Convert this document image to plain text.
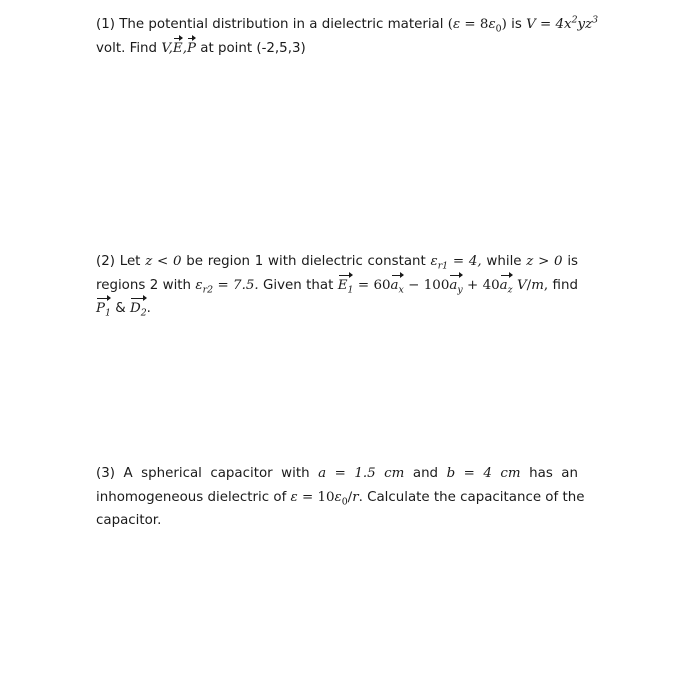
(1) The potential distribution in a dielectric material $(\varepsilon = 8\varepsilon_0)$ is $V = 4x^2yz^3$
volt. Find V,E,P at point (-2,5,3)
(2) Let z < 0 be region 1 with dielectric constant $\varepsilon_{r1} = 4$, while z > 0 is
regions 2 with $\varepsilon_{r2} = 7.5$. Given that $E_1 = 60a_x - 100a_y + 40a_z$ V/m, find
$P_1$ & $D_2$.
(3) A spherical capacitor with a = 1.5 cm and b = 4 cm has an
inhomogeneous dielectric of $\varepsilon = 10\varepsilon_0/r$. Calculate the capacitance of the
capacitor.
